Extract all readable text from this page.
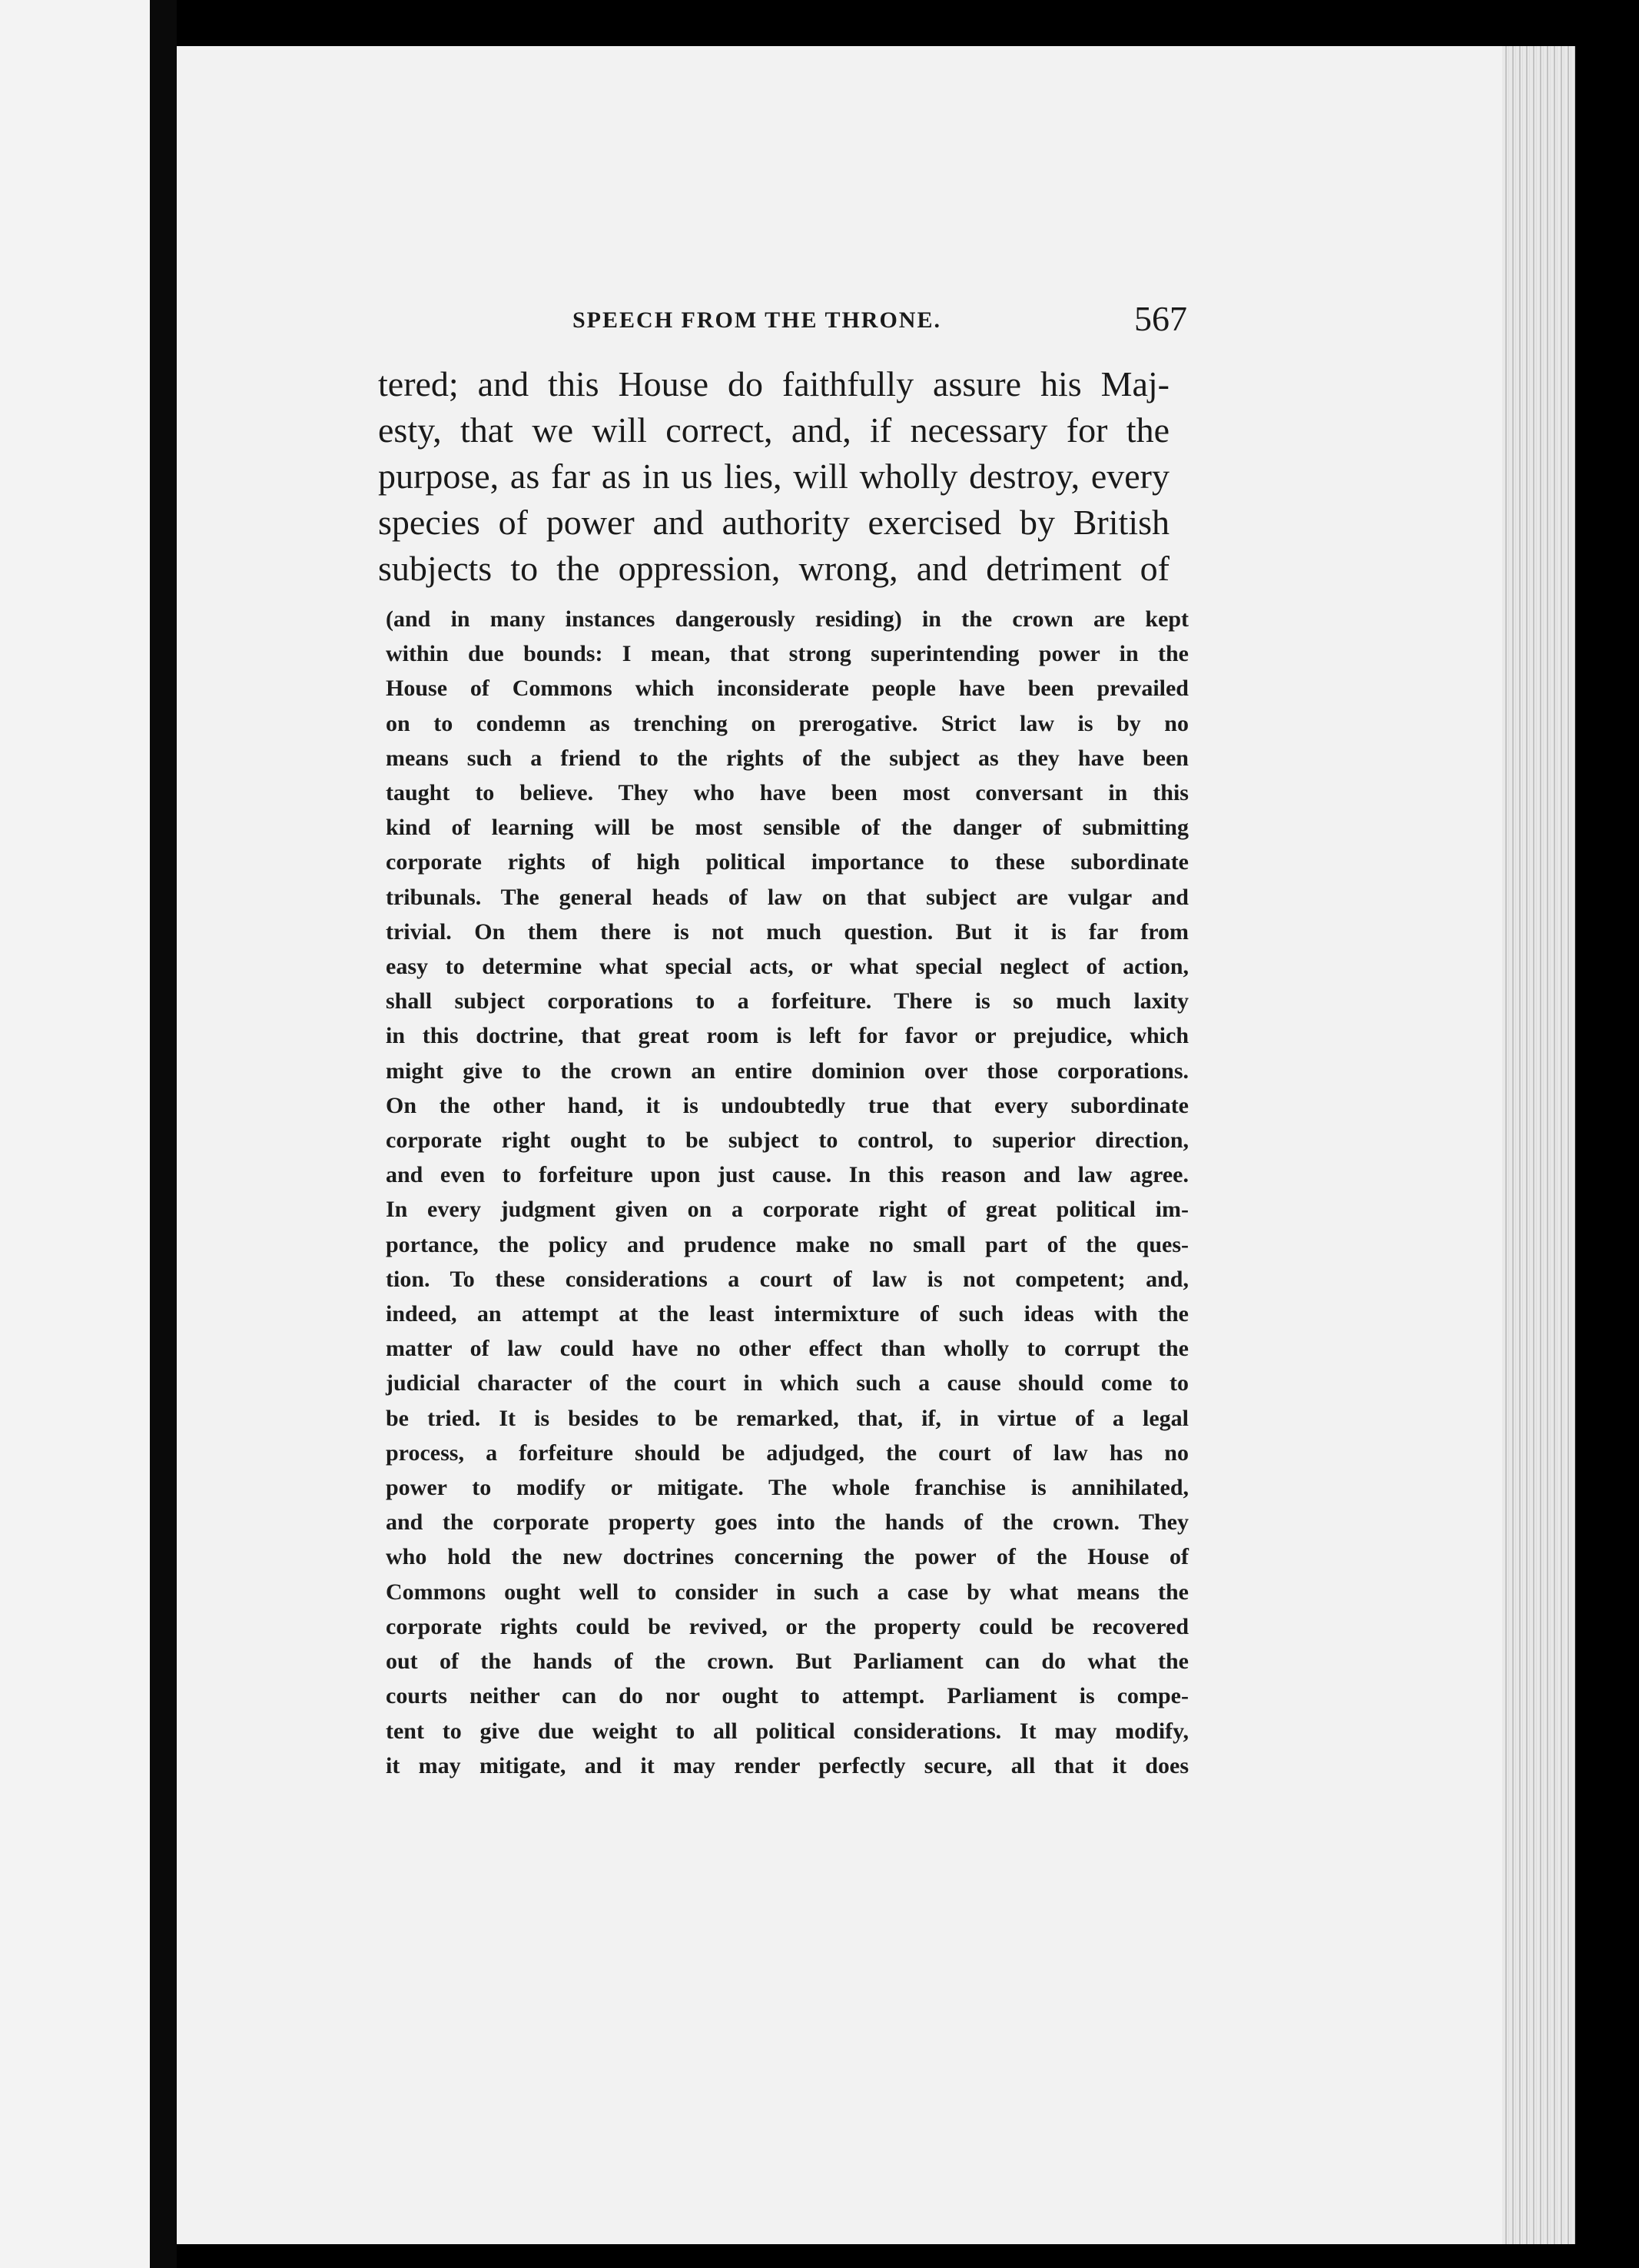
SPEECH FROM THE THRONE.	567
tered; and this House do faithfully assure his Maj-
esty, that we will correct, and, if necessary for the
purpose, as far as in us lies, will wholly destroy, every
species of power and authority exercised by British
subjects to the oppression, wrong, and detriment of
(and in many instances dangerously residing) in the crown are kept
within due bounds: I mean, that strong superintending power in the
House of Commons which inconsiderate people have been prevailed
on to condemn as trenching on prerogative. Strict law is by no
means such a friend to the rights of the subject as they have been
taught to believe. They who have been most conversant in this
kind of learning will be most sensible of the danger of submitting
corporate rights of high political importance to these subordinate
tribunals. The general heads of law on that subject are vulgar and
trivial. On them there is not much question. But it is far from
easy to determine what special acts, or what special neglect of action,
shall subject corporations to a forfeiture. There is so much laxity
in this doctrine, that great room is left for favor or prejudice, which
might give to the crown an entire dominion over those corporations.
On the other hand, it is undoubtedly true that every subordinate
corporate right ought to be subject to control, to superior direction,
and even to forfeiture upon just cause. In this reason and law agree.
In every judgment given on a corporate right of great political im-
portance, the policy and prudence make no small part of the ques-
tion. To these considerations a court of law is not competent; and,
indeed, an attempt at the least intermixture of such ideas with the
matter of law could have no other effect than wholly to corrupt the
judicial character of the court in which such a cause should come to
be tried. It is besides to be remarked, that, if, in virtue of a legal
process, a forfeiture should be adjudged, the court of law has no
power to modify or mitigate. The whole franchise is annihilated,
and the corporate property goes into the hands of the crown. They
who hold the new doctrines concerning the power of the House of
Commons ought well to consider in such a case by what means the
corporate rights could be revived, or the property could be recovered
out of the hands of the crown. But Parliament can do what the
courts neither can do nor ought to attempt. Parliament is compe-
tent to give due weight to all political considerations. It may modify,
it may mitigate, and it may render perfectly secure, all that it does
